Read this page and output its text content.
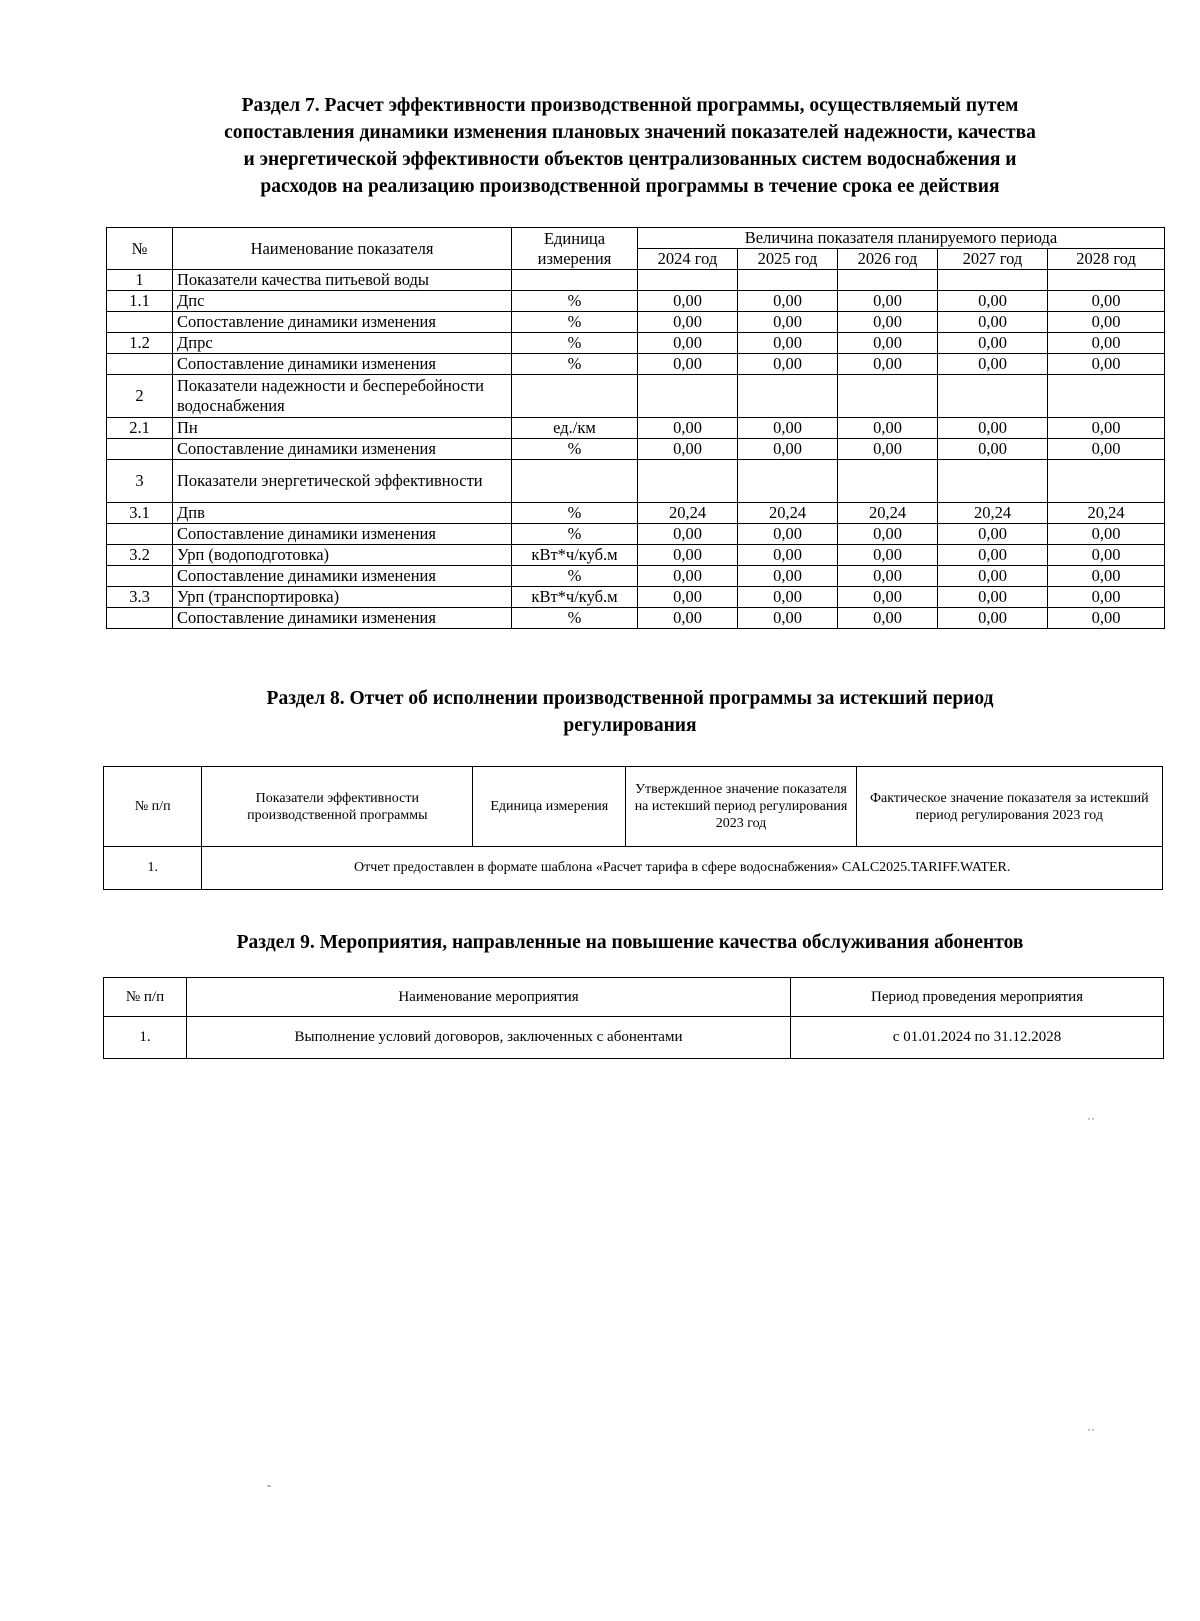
Раздел 7. Расчет эффективности производственной программы, осуществляемый путем
сопоставления динамики изменения плановых значений показателей надежности, качества
и энергетической эффективности объектов централизованных систем водоснабжения и
расходов на реализацию производственной программы в течение срока ее действия
№	Наименование показателя	Единица измерения	Величина показателя планируемого периода				
			2024 год	2025 год	2026 год	2027 год	2028 год
1	Показатели качества питьевой воды						
1.1	Дпс	%	0,00	0,00	0,00	0,00	0,00
	Сопоставление динамики изменения	%	0,00	0,00	0,00	0,00	0,00
1.2	Дпрс	%	0,00	0,00	0,00	0,00	0,00
	Сопоставление динамики изменения	%	0,00	0,00	0,00	0,00	0,00
2	Показатели надежности и бесперебойности водоснабжения						
2.1	Пн	ед./км	0,00	0,00	0,00	0,00	0,00
	Сопоставление динамики изменения	%	0,00	0,00	0,00	0,00	0,00
3	Показатели энергетической эффективности						
3.1	Дпв	%	20,24	20,24	20,24	20,24	20,24
	Сопоставление динамики изменения	%	0,00	0,00	0,00	0,00	0,00
3.2	Урп (водоподготовка)	кВт*ч/куб.м	0,00	0,00	0,00	0,00	0,00
	Сопоставление динамики изменения	%	0,00	0,00	0,00	0,00	0,00
3.3	Урп (транспортировка)	кВт*ч/куб.м	0,00	0,00	0,00	0,00	0,00
	Сопоставление динамики изменения	%	0,00	0,00	0,00	0,00	0,00
Раздел 8. Отчет об исполнении производственной программы за истекший период
регулирования
№ п/п	Показатели эффективности производственной программы	Единица измерения	Утвержденное значение показателя на истекший период регулирования 2023 год	Фактическое значение показателя за истекший период регулирования 2023 год
1.	Отчет предоставлен в формате шаблона «Расчет тарифа в сфере водоснабжения» CALC2025.TARIFF.WATER.			
Раздел 9. Мероприятия, направленные на повышение качества обслуживания абонентов
№ п/п	Наименование мероприятия	Период проведения мероприятия
1.	Выполнение условий договоров, заключенных с абонентами	с 01.01.2024 по 31.12.2028
˙˙
˙˙
-
